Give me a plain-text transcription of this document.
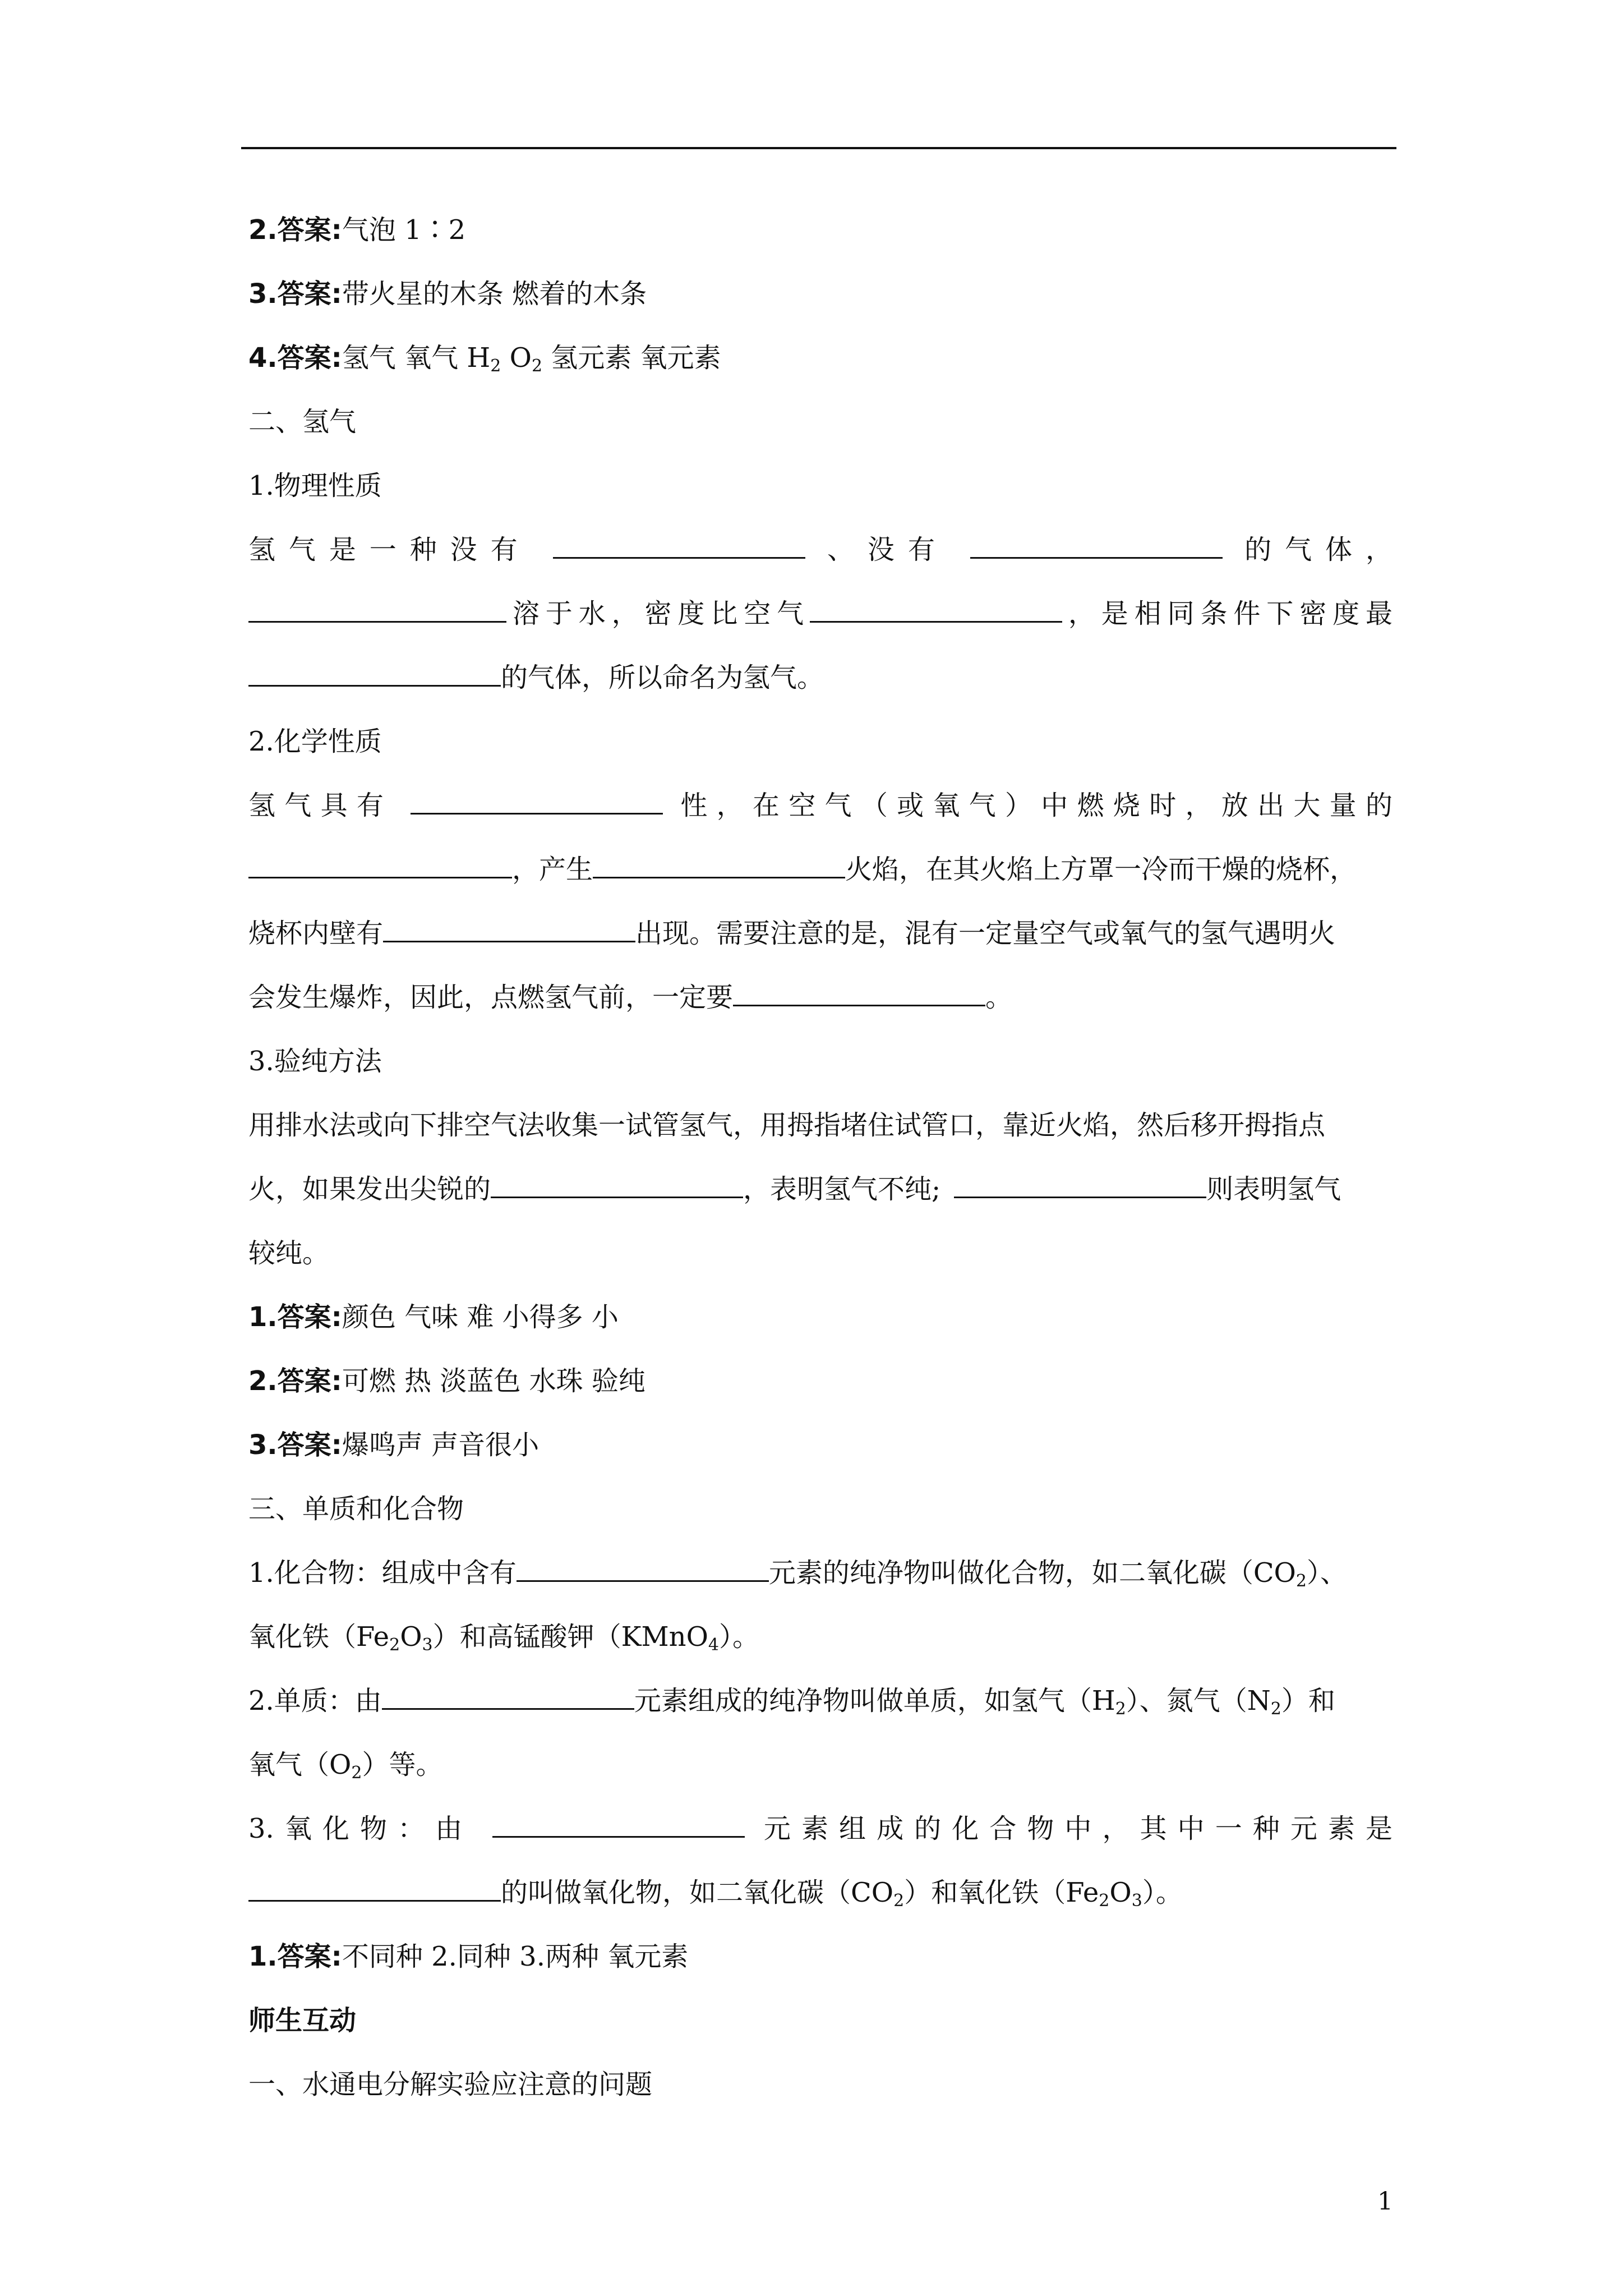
2.答案:气泡 1∶2
3.答案:带火星的木条 燃着的木条
4.答案:氢气 氧气 $H_2$ $O_2$ 氢元素 氧元素
二、氢气
1.物理性质
氢气是一种没有	、没有	的气体，
溶于水，密度比空气	，是相同条件下密度最
的气体，所以命名为氢气。
2.化学性质
氢气具有	性，在空气（或氧气）中燃烧时，放出大量的
，产生	火焰，在其火焰上方罩一冷而干燥的烧杯，
烧杯内壁有	出现。需要注意的是，混有一定量空气或氧气的氢气遇明火
会发生爆炸，因此，点燃氢气前，一定要	。
3.验纯方法
用排水法或向下排空气法收集一试管氢气，用拇指堵住试管口，靠近火焰，然后移开拇指点
火，如果发出尖锐的	，表明氢气不纯;	则表明氢气
较纯。
1.答案:颜色 气味 难 小得多 小
2.答案:可燃 热 淡蓝色 水珠 验纯
3.答案:爆鸣声 声音很小
三、单质和化合物
1.化合物：组成中含有	元素的纯净物叫做化合物，如二氧化碳$(CO_2)$、
氧化铁$(Fe_2O_3)$和高锰酸钾（KMnO$_4$）。
2.单质：由	元素组成的纯净物叫做单质，如氢气$(H_2)$、氮气$(N_2)$和
氧气$(O_2)$等。
3.氧化物：由	元素组成的化合物中，其中一种元素是
的叫做氧化物，如二氧化碳$(CO_2)$和氧化铁$(Fe_2O_3)$。
1.答案:不同种 2.同种 3.两种 氧元素
师生互动
一、水通电分解实验应注意的问题
1
